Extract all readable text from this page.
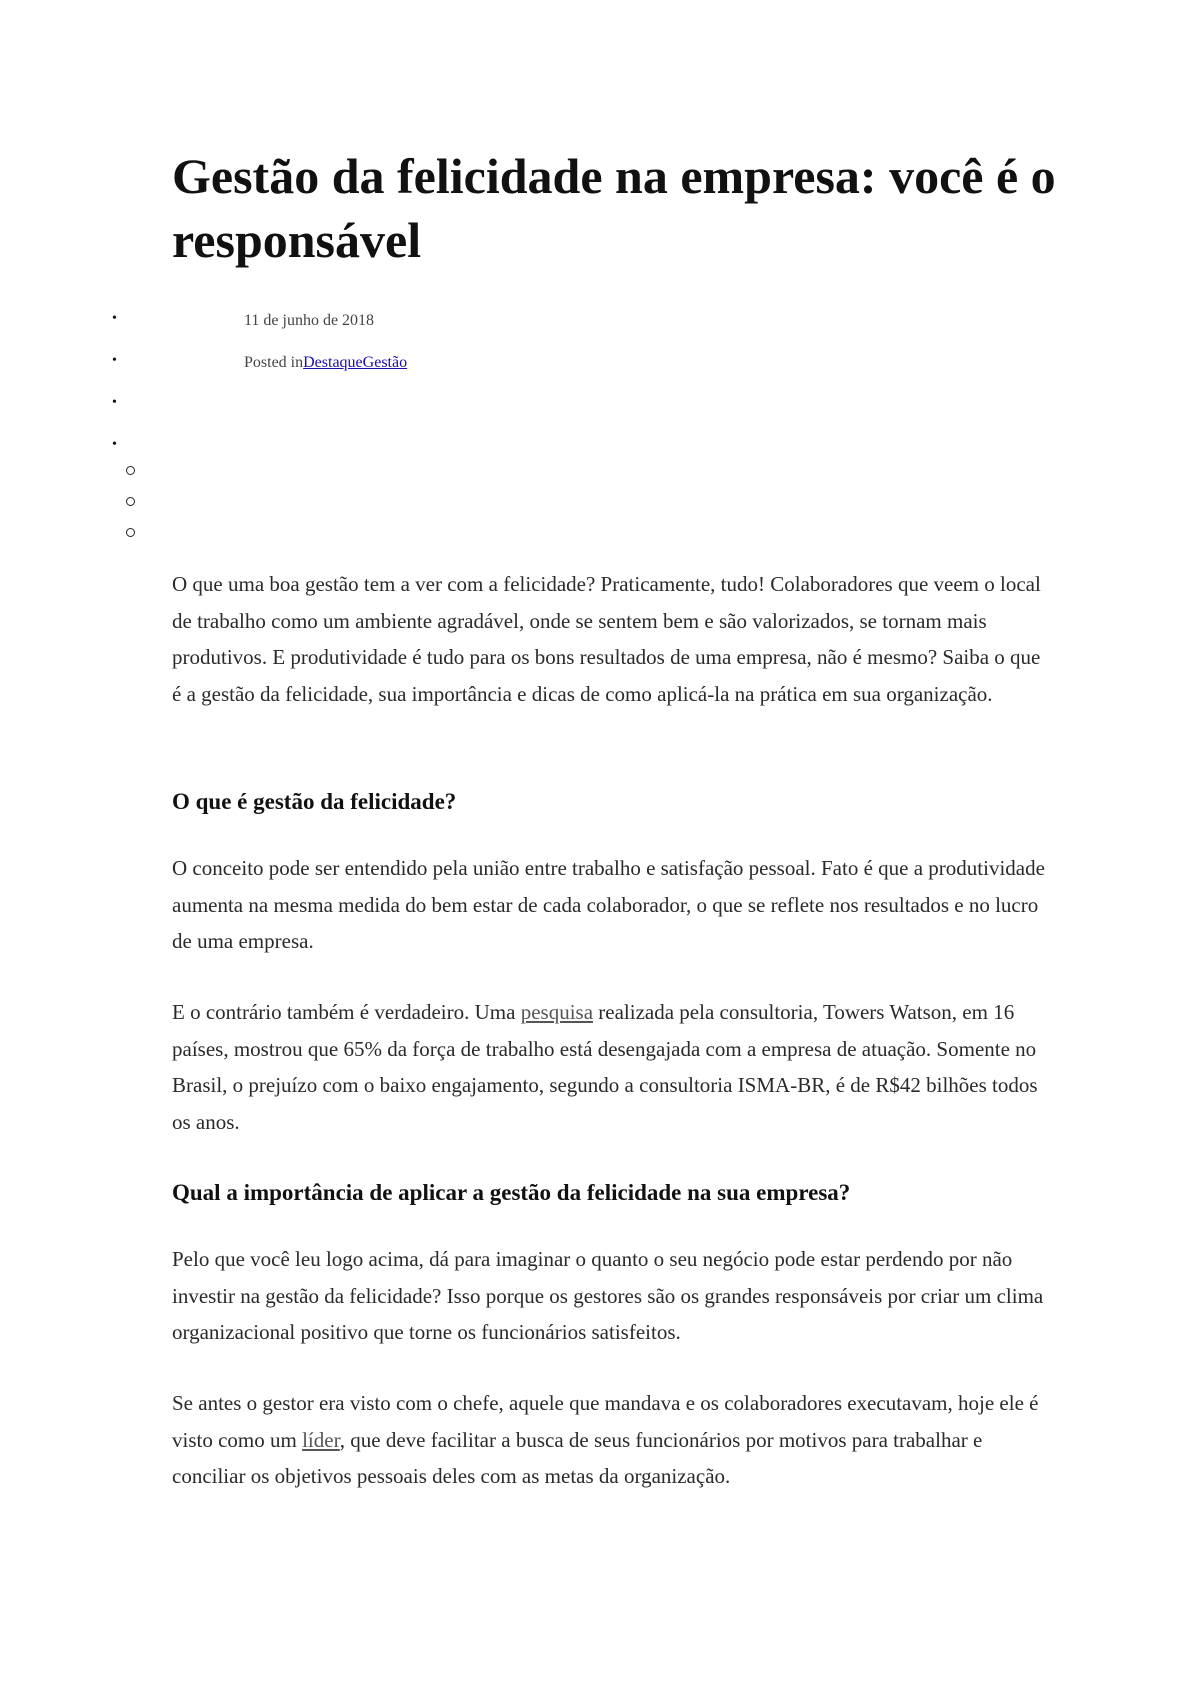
Gestão da felicidade na empresa: você é o responsável
•
•
•
•
11 de junho de 2018
Posted inDestaqueGestão

O que uma boa gestão tem a ver com a felicidade? Praticamente, tudo! Colaboradores que veem o local de trabalho como um ambiente agradável, onde se sentem bem e são valorizados, se tornam mais produtivos. E produtividade é tudo para os bons resultados de uma empresa, não é mesmo? Saiba o que é a gestão da felicidade, sua importância e dicas de como aplicá-la na prática em sua organização.

O que é gestão da felicidade?

O conceito pode ser entendido pela união entre trabalho e satisfação pessoal. Fato é que a produtividade aumenta na mesma medida do bem estar de cada colaborador, o que se reflete nos resultados e no lucro de uma empresa.

E o contrário também é verdadeiro. Uma pesquisa realizada pela consultoria, Towers Watson, em 16 países, mostrou que 65% da força de trabalho está desengajada com a empresa de atuação. Somente no Brasil, o prejuízo com o baixo engajamento, segundo a consultoria ISMA-BR, é de R$42 bilhões todos os anos.

Qual a importância de aplicar a gestão da felicidade na sua empresa?

Pelo que você leu logo acima, dá para imaginar o quanto o seu negócio pode estar perdendo por não investir na gestão da felicidade? Isso porque os gestores são os grandes responsáveis por criar um clima organizacional positivo que torne os funcionários satisfeitos.

Se antes o gestor era visto com o chefe, aquele que mandava e os colaboradores executavam, hoje ele é visto como um líder, que deve facilitar a busca de seus funcionários por motivos para trabalhar e conciliar os objetivos pessoais deles com as metas da organização.
